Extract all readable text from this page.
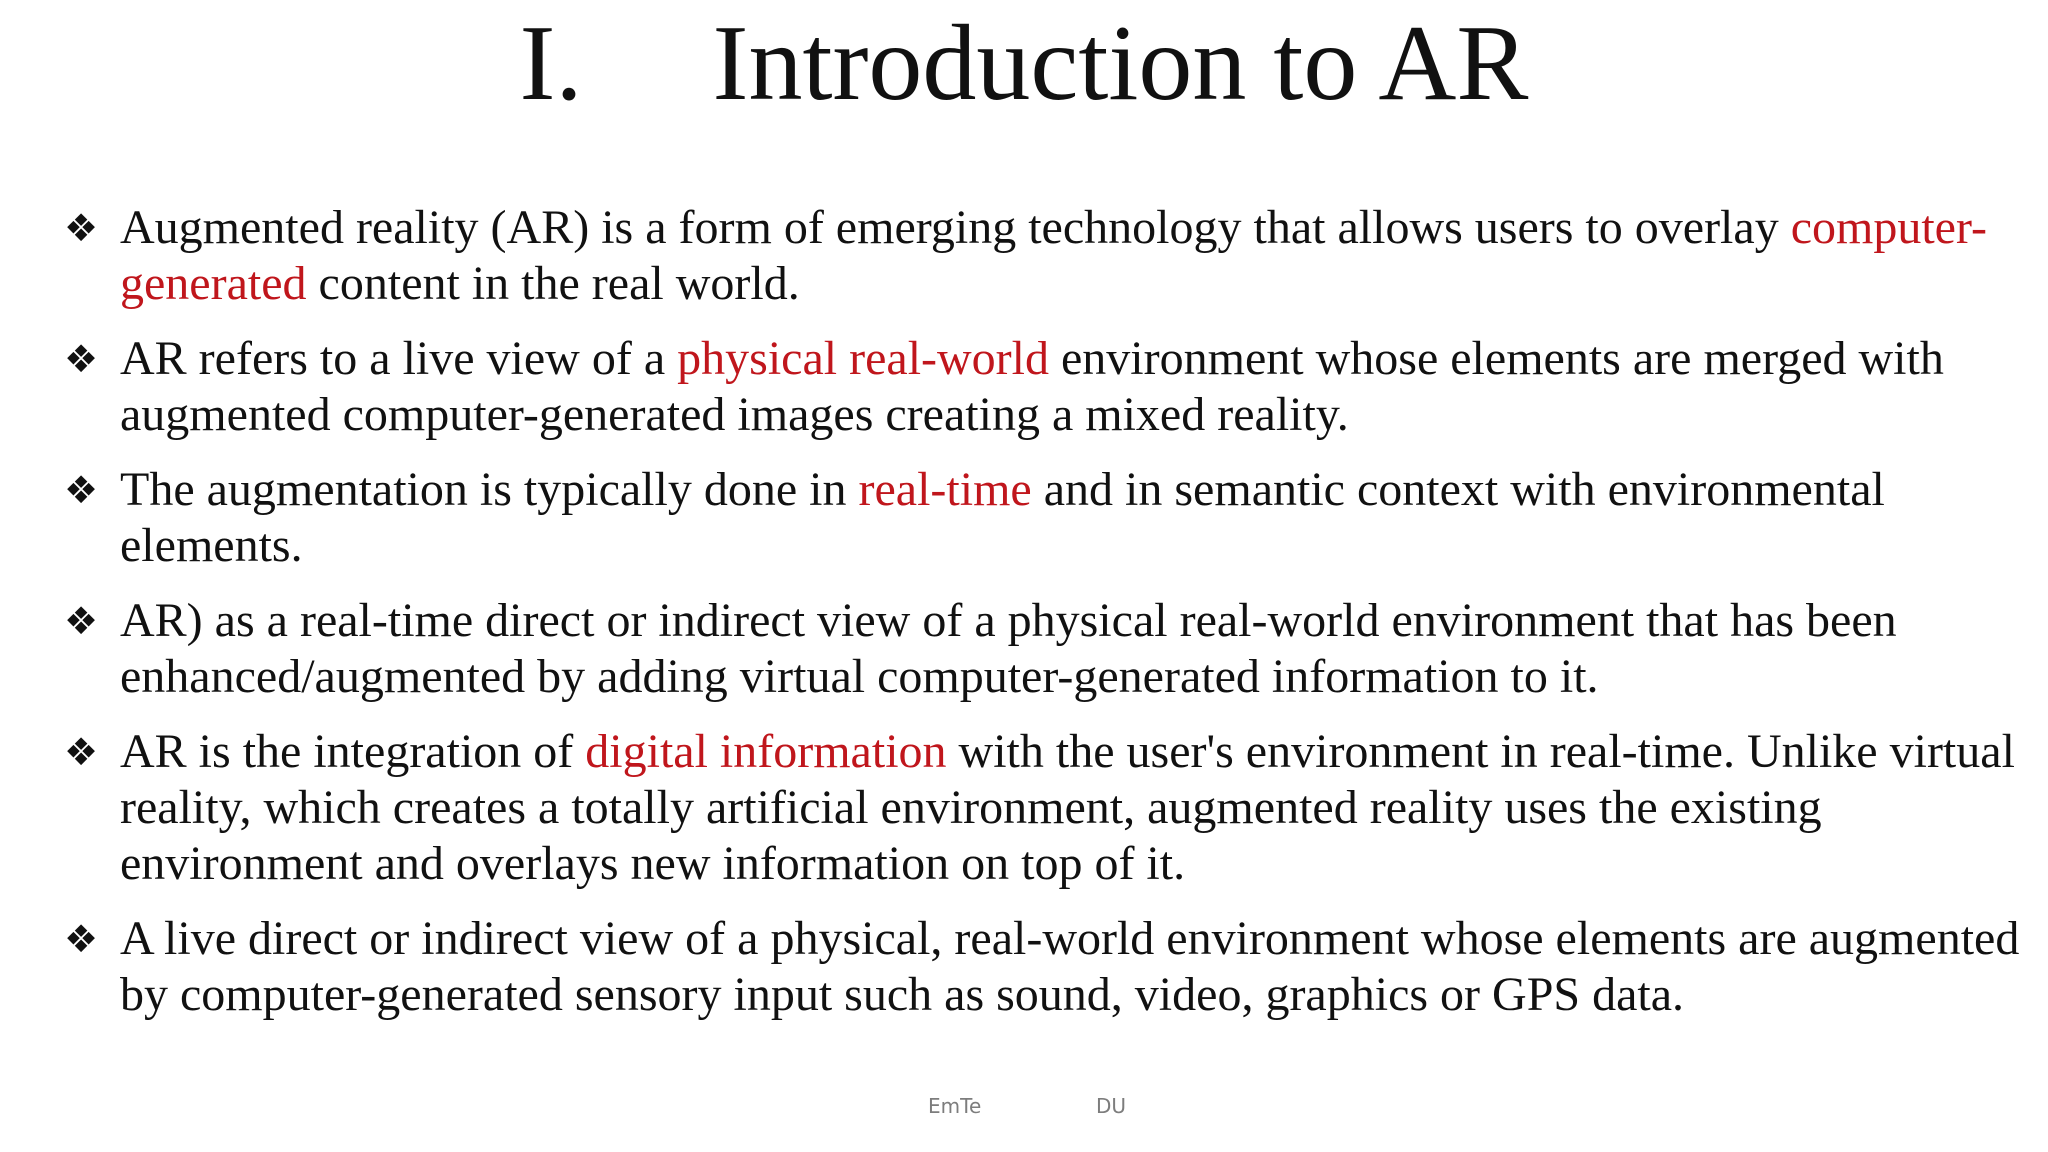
I. Introduction to AR
❖ Augmented reality (AR) is a form of emerging technology that allows users to overlay computer-generated content in the real world.
❖ AR refers to a live view of a physical real-world environment whose elements are merged with augmented computer-generated images creating a mixed reality.
❖ The augmentation is typically done in real-time and in semantic context with environmental elements.
❖ AR) as a real-time direct or indirect view of a physical real-world environment that has been enhanced/augmented by adding virtual computer-generated information to it.
❖ AR is the integration of digital information with the user's environment in real-time. Unlike virtual reality, which creates a totally artificial environment, augmented reality uses the existing environment and overlays new information on top of it.
❖ A live direct or indirect view of a physical, real-world environment whose elements are augmented by computer-generated sensory input such as sound, video, graphics or GPS data.
EmTe	DU
